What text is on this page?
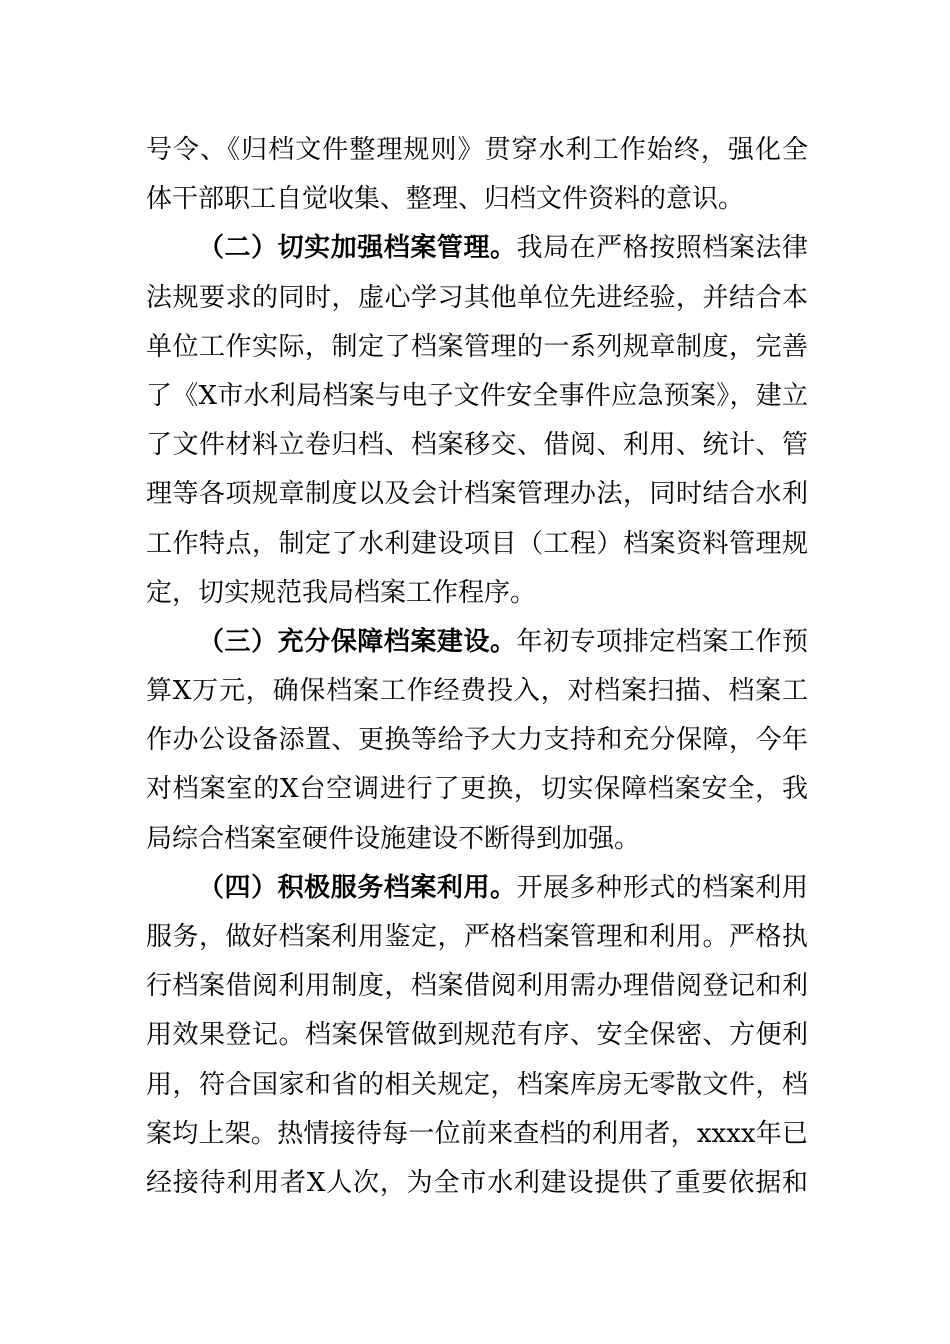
号令、《归档文件整理规则》贯穿水利工作始终，强化全
体干部职工自觉收集、整理、归档文件资料的意识。
（二）切实加强档案管理。我局在严格按照档案法律
法规要求的同时，虚心学习其他单位先进经验，并结合本
单位工作实际，制定了档案管理的一系列规章制度，完善
了《X市水利局档案与电子文件安全事件应急预案》，建立
了文件材料立卷归档、档案移交、借阅、利用、统计、管
理等各项规章制度以及会计档案管理办法，同时结合水利
工作特点，制定了水利建设项目（工程）档案资料管理规
定，切实规范我局档案工作程序。
（三）充分保障档案建设。年初专项排定档案工作预
算X万元，确保档案工作经费投入，对档案扫描、档案工
作办公设备添置、更换等给予大力支持和充分保障，今年
对档案室的X台空调进行了更换，切实保障档案安全，我
局综合档案室硬件设施建设不断得到加强。
（四）积极服务档案利用。开展多种形式的档案利用
服务，做好档案利用鉴定，严格档案管理和利用。严格执
行档案借阅利用制度，档案借阅利用需办理借阅登记和利
用效果登记。档案保管做到规范有序、安全保密、方便利
用，符合国家和省的相关规定，档案库房无零散文件，档
案均上架。热情接待每一位前来查档的利用者，xxxx年已
经接待利用者X人次，为全市水利建设提供了重要依据和
